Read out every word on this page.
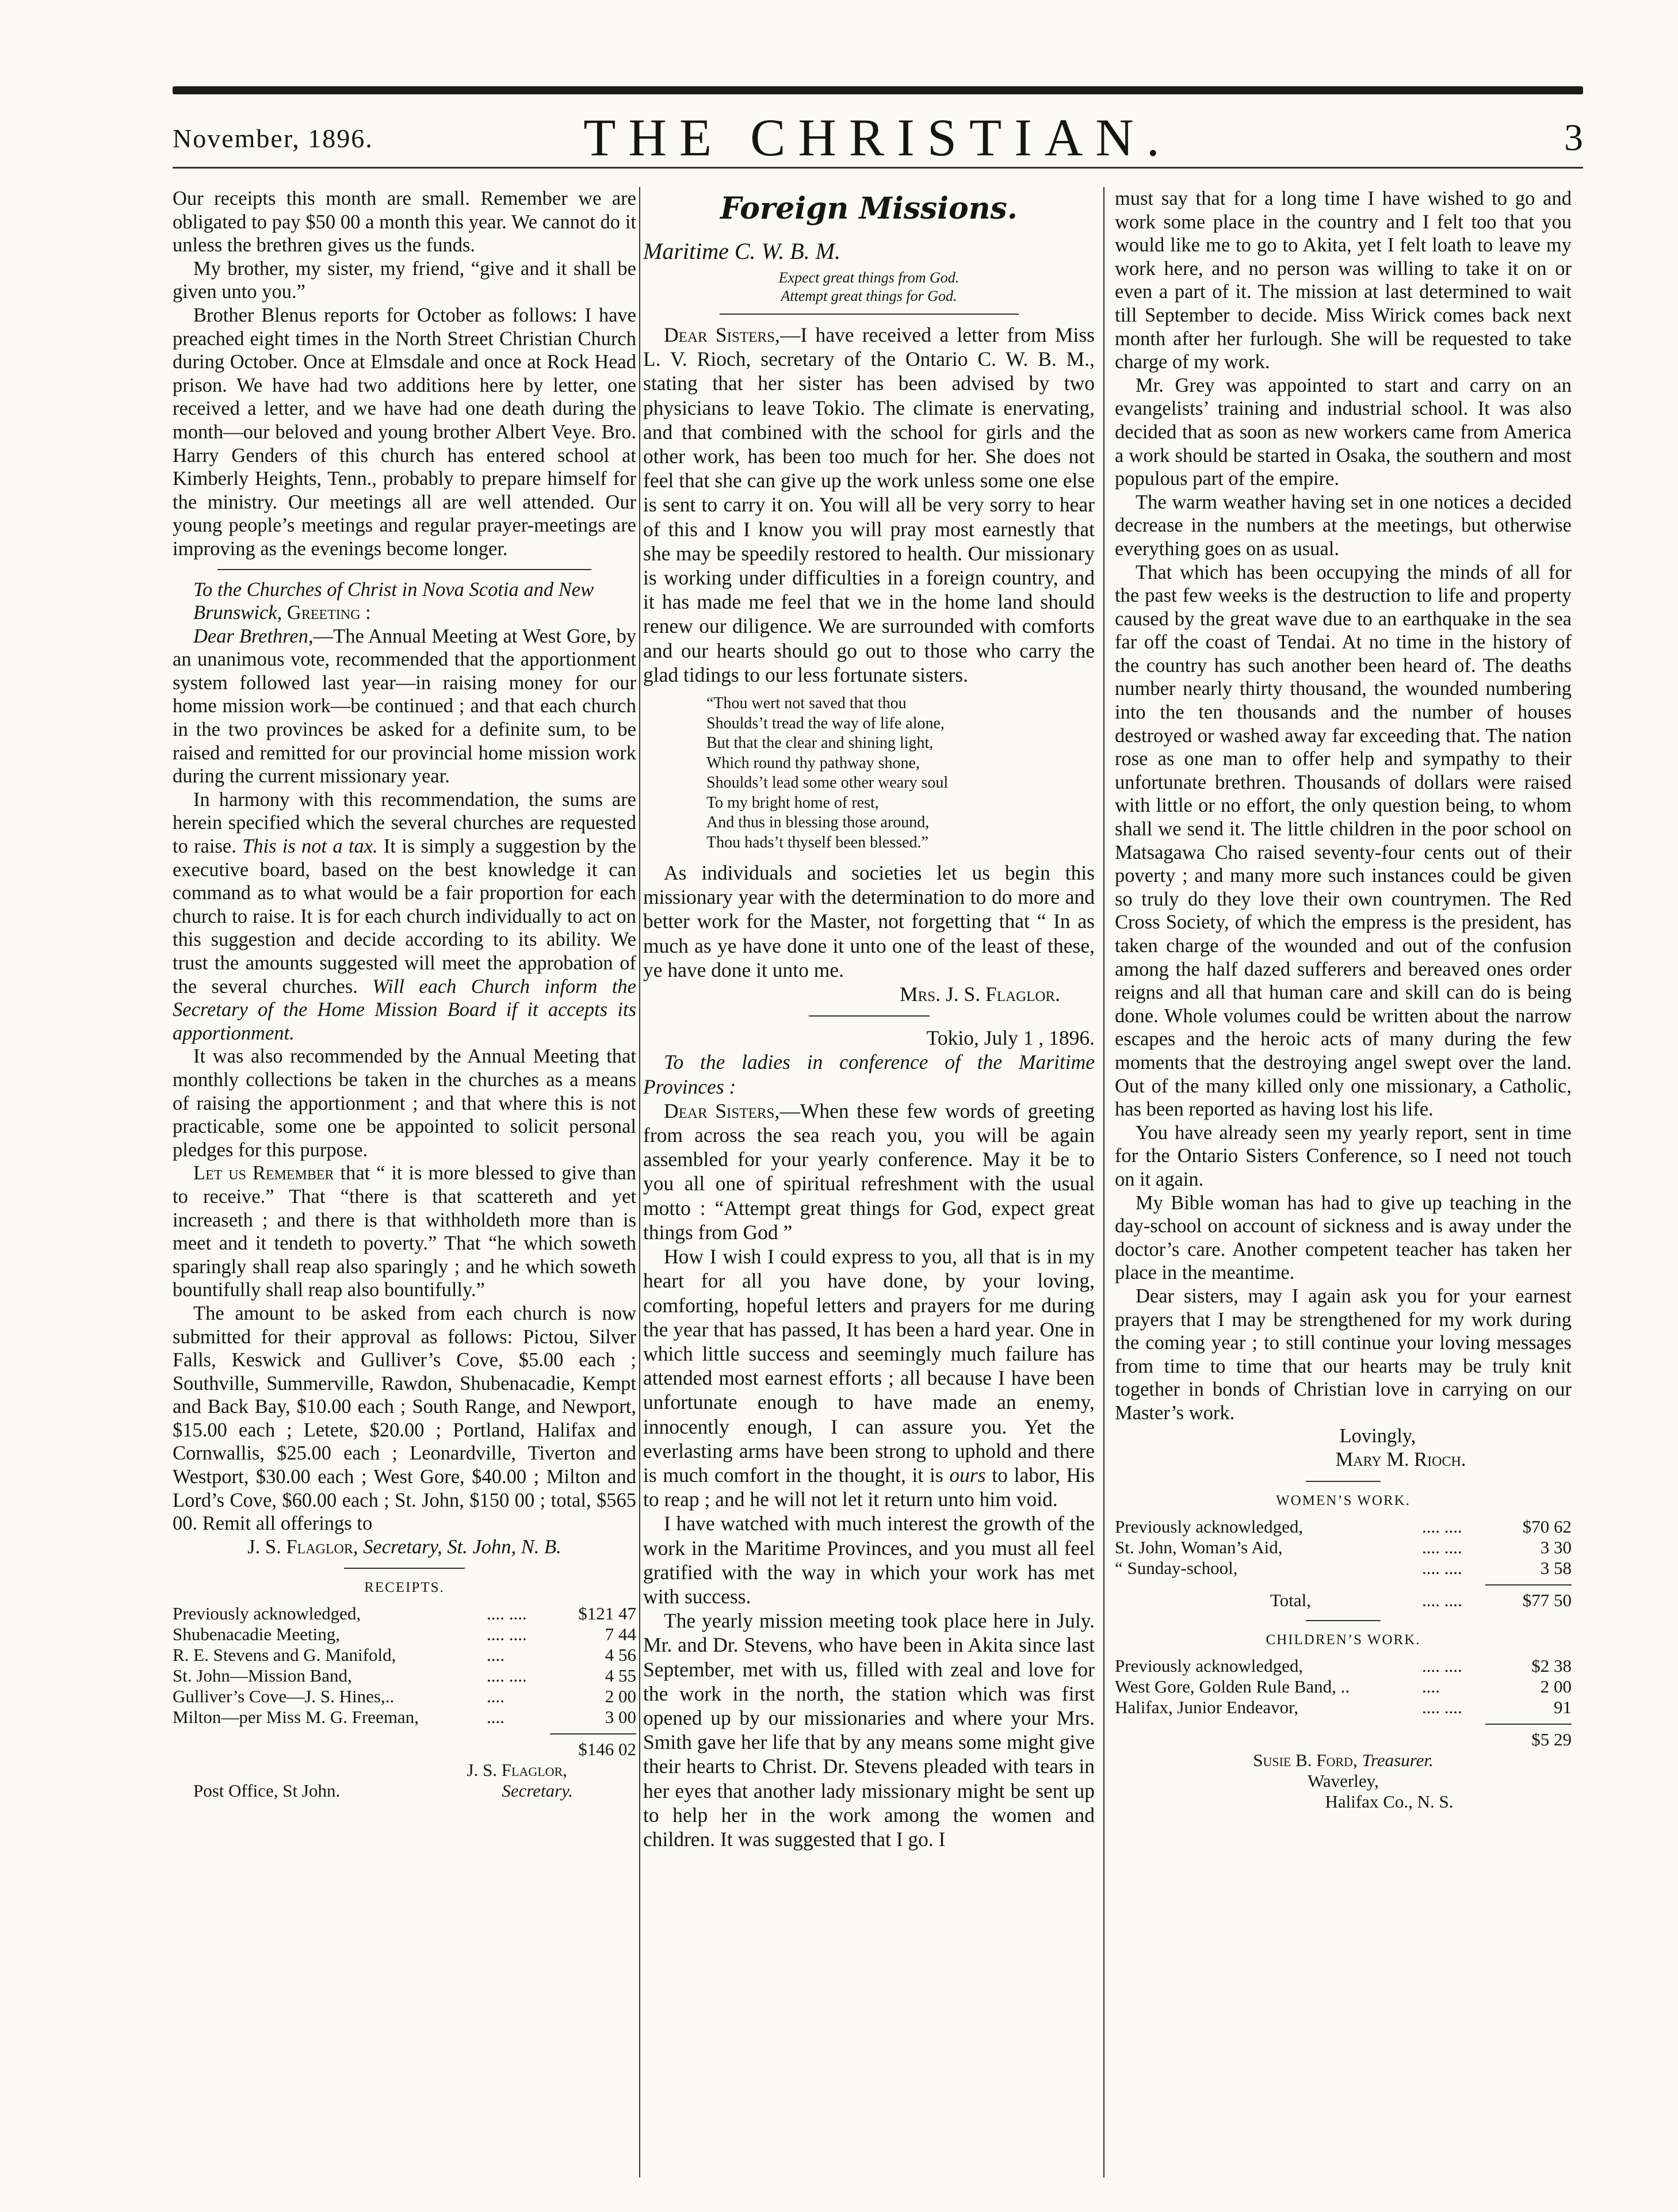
November, 1896.	THE CHRISTIAN.	3

Our receipts this month are small. Remember we are obligated to pay $50 00 a month this year. We cannot do it unless the brethren gives us the funds.

My brother, my sister, my friend, “give and it shall be given unto you.”

Brother Blenus reports for October as follows: I have preached eight times in the North Street Christian Church during October. Once at Elmsdale and once at Rock Head prison. We have had two additions here by letter, one received a letter, and we have had one death during the month—our beloved and young brother Albert Veye. Bro. Harry Genders of this church has entered school at Kimberly Heights, Tenn., probably to prepare himself for the ministry. Our meetings all are well attended. Our young people’s meetings and regular prayer-meetings are improving as the evenings become longer.

To the Churches of Christ in Nova Scotia and New Brunswick, Greeting :

Dear Brethren,—The Annual Meeting at West Gore, by an unanimous vote, recommended that the apportionment system followed last year—in raising money for our home mission work—be continued ; and that each church in the two provinces be asked for a definite sum, to be raised and remitted for our provincial home mission work during the current missionary year.

In harmony with this recommendation, the sums are herein specified which the several churches are requested to raise. This is not a tax. It is simply a suggestion by the executive board, based on the best knowledge it can command as to what would be a fair proportion for each church to raise. It is for each church individually to act on this suggestion and decide according to its ability. We trust the amounts suggested will meet the approbation of the several churches. Will each Church inform the Secretary of the Home Mission Board if it accepts its apportionment.

It was also recommended by the Annual Meeting that monthly collections be taken in the churches as a means of raising the apportionment ; and that where this is not practicable, some one be appointed to solicit personal pledges for this purpose.

Let us Remember that “ it is more blessed to give than to receive.” That “there is that scattereth and yet increaseth ; and there is that withholdeth more than is meet and it tendeth to poverty.” That “he which soweth sparingly shall reap also sparingly ; and he which soweth bountifully shall reap also bountifully.”

The amount to be asked from each church is now submitted for their approval as follows: Pictou, Silver Falls, Keswick and Gulliver’s Cove, $5.00 each ; Southville, Summerville, Rawdon, Shubenacadie, Kempt and Back Bay, $10.00 each ; South Range, and Newport, $15.00 each ; Letete, $20.00 ; Portland, Halifax and Cornwallis, $25.00 each ; Leonardville, Tiverton and Westport, $30.00 each ; West Gore, $40.00 ; Milton and Lord’s Cove, $60.00 each ; St. John, $150 00 ; total, $565 00. Remit all offerings to

J. S. Flaglor, Secretary, St. John, N. B.

RECEIPTS.
Previously acknowledged,	.... ....	$121 47
Shubenacadie Meeting,	.... ....	7 44
R. E. Stevens and G. Manifold,	....	4 56
St. John—Mission Band,	.... ....	4 55
Gulliver’s Cove—J. S. Hines,..	....	2 00
Milton—per Miss M. G. Freeman,	....	3 00
$146 02
J. S. Flaglor,
Post Office, St John.	Secretary.
Foreign Missions.
Maritime C. W. B. M.
Expect great things from God.
Attempt great things for God.

Dear Sisters,—I have received a letter from Miss L. V. Rioch, secretary of the Ontario C. W. B. M., stating that her sister has been advised by two physicians to leave Tokio. The climate is enervating, and that combined with the school for girls and the other work, has been too much for her. She does not feel that she can give up the work unless some one else is sent to carry it on. You will all be very sorry to hear of this and I know you will pray most earnestly that she may be speedily restored to health. Our missionary is working under difficulties in a foreign country, and it has made me feel that we in the home land should renew our diligence. We are surrounded with comforts and our hearts should go out to those who carry the glad tidings to our less fortunate sisters.

“Thou wert not saved that thou
Shoulds’t tread the way of life alone,
But that the clear and shining light,
Which round thy pathway shone,
Shoulds’t lead some other weary soul
To my bright home of rest,
And thus in blessing those around,
Thou hads’t thyself been blessed.”

As individuals and societies let us begin this missionary year with the determination to do more and better work for the Master, not forgetting that “ In as much as ye have done it unto one of the least of these, ye have done it unto me.

Mrs. J. S. Flaglor.
Tokio, July 1 , 1896.

To the ladies in conference of the Maritime Provinces :

Dear Sisters,—When these few words of greeting from across the sea reach you, you will be again assembled for your yearly conference. May it be to you all one of spiritual refreshment with the usual motto : “Attempt great things for God, expect great things from God ”

How I wish I could express to you, all that is in my heart for all you have done, by your loving, comforting, hopeful letters and prayers for me during the year that has passed, It has been a hard year. One in which little success and seemingly much failure has attended most earnest efforts ; all because I have been unfortunate enough to have made an enemy, innocently enough, I can assure you. Yet the everlasting arms have been strong to uphold and there is much comfort in the thought, it is ours to labor, His to reap ; and he will not let it return unto him void.

I have watched with much interest the growth of the work in the Maritime Provinces, and you must all feel gratified with the way in which your work has met with success.

The yearly mission meeting took place here in July. Mr. and Dr. Stevens, who have been in Akita since last September, met with us, filled with zeal and love for the work in the north, the station which was first opened up by our missionaries and where your Mrs. Smith gave her life that by any means some might give their hearts to Christ. Dr. Stevens pleaded with tears in her eyes that another lady missionary might be sent up to help her in the work among the women and children. It was suggested that I go. I

must say that for a long time I have wished to go and work some place in the country and I felt too that you would like me to go to Akita, yet I felt loath to leave my work here, and no person was willing to take it on or even a part of it. The mission at last determined to wait till September to decide. Miss Wirick comes back next month after her furlough. She will be requested to take charge of my work.

Mr. Grey was appointed to start and carry on an evangelists’ training and industrial school. It was also decided that as soon as new workers came from America a work should be started in Osaka, the southern and most populous part of the empire.

The warm weather having set in one notices a decided decrease in the numbers at the meetings, but otherwise everything goes on as usual.

That which has been occupying the minds of all for the past few weeks is the destruction to life and property caused by the great wave due to an earthquake in the sea far off the coast of Tendai. At no time in the history of the country has such another been heard of. The deaths number nearly thirty thousand, the wounded numbering into the ten thousands and the number of houses destroyed or washed away far exceeding that. The nation rose as one man to offer help and sympathy to their unfortunate brethren. Thousands of dollars were raised with little or no effort, the only question being, to whom shall we send it. The little children in the poor school on Matsagawa Cho raised seventy-four cents out of their poverty ; and many more such instances could be given so truly do they love their own countrymen. The Red Cross Society, of which the empress is the president, has taken charge of the wounded and out of the confusion among the half dazed sufferers and bereaved ones order reigns and all that human care and skill can do is being done. Whole volumes could be written about the narrow escapes and the heroic acts of many during the few moments that the destroying angel swept over the land. Out of the many killed only one missionary, a Catholic, has been reported as having lost his life.

You have already seen my yearly report, sent in time for the Ontario Sisters Conference, so I need not touch on it again.

My Bible woman has had to give up teaching in the day-school on account of sickness and is away under the doctor’s care. Another competent teacher has taken her place in the meantime.

Dear sisters, may I again ask you for your earnest prayers that I may be strengthened for my work during the coming year ; to still continue your loving messages from time to time that our hearts may be truly knit together in bonds of Christian love in carrying on our Master’s work.

Lovingly,
Mary M. Rioch.
WOMEN’S WORK.
Previously acknowledged,	.... ....	$70 62
St. John, Woman’s Aid,	.... ....	3 30
“ Sunday-school,	.... ....	3 58
Total,	.... ....	$77 50
CHILDREN’S WORK.
Previously acknowledged,	.... ....	$2 38
West Gore, Golden Rule Band, ..	....	2 00
Halifax, Junior Endeavor,	.... ....	91
$5 29
Susie B. Ford, Treasurer.
Waverley,
Halifax Co., N. S.
